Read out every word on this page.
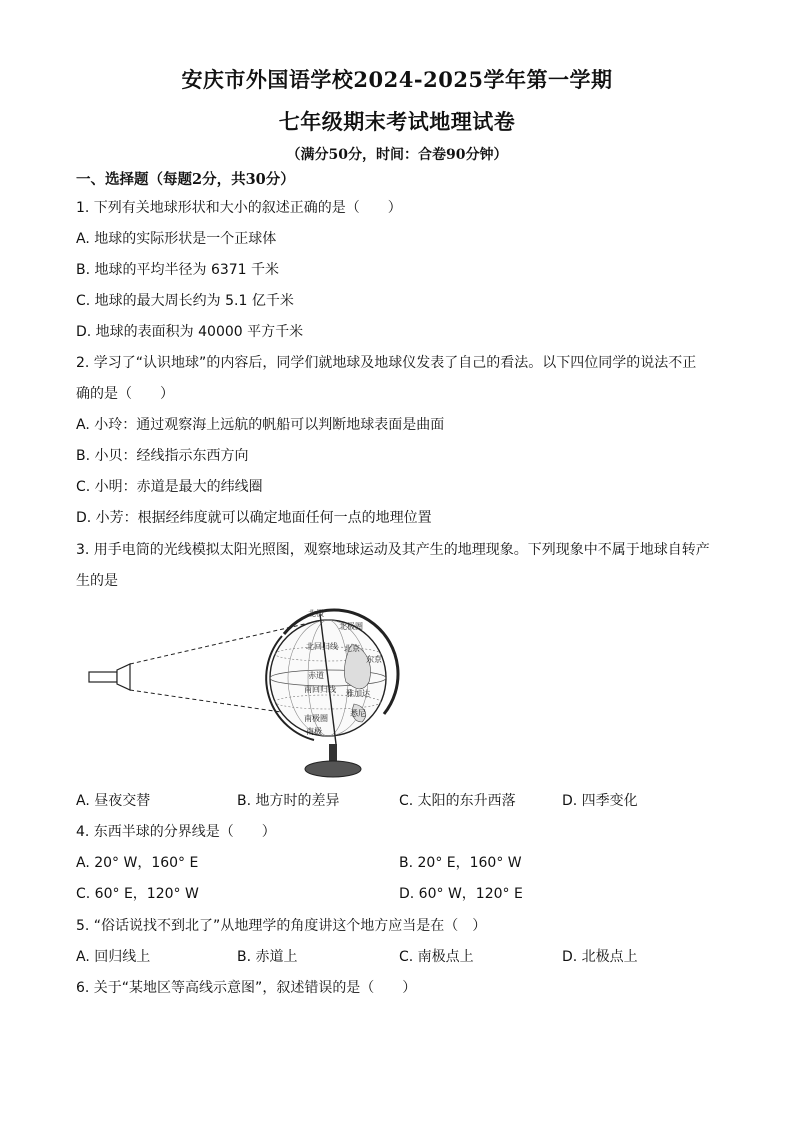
安庆市外国语学校2024-2025学年第一学期
七年级期末考试地理试卷
（满分50分，时间：合卷90分钟）
一、选择题（每题2分，共30分）
1. 下列有关地球形状和大小的叙述正确的是（　　）
A. 地球的实际形状是一个正球体
B. 地球的平均半径为 6371 千米
C. 地球的最大周长约为 5.1 亿千米
D. 地球的表面积为 40000 平方千米
2. 学习了“认识地球”的内容后，同学们就地球及地球仪发表了自己的看法。以下四位同学的说法不正
确的是（　　）
A. 小玲：通过观察海上远航的帆船可以判断地球表面是曲面
B. 小贝：经线指示东西方向
C. 小明：赤道是最大的纬线圈
D. 小芳：根据经纬度就可以确定地面任何一点的地理位置
3. 用手电筒的光线模拟太阳光照图，观察地球运动及其产生的地理现象。下列现象中不属于地球自转产
生的是
北极
北极圈
北回归线 北京
东京
赤道
南回归线 雅加达
悉尼
南极圈
南极
A. 昼夜交替	B. 地方时的差异	C. 太阳的东升西落	D. 四季变化
4. 东西半球的分界线是（　　）
A. 20° W，160° E	B. 20° E，160° W
C. 60° E，120° W	D. 60° W，120° E
5. “俗话说找不到北了”从地理学的角度讲这个地方应当是在（　）
A. 回归线上	B. 赤道上	C. 南极点上	D. 北极点上
6. 关于“某地区等高线示意图”，叙述错误的是（　　）
